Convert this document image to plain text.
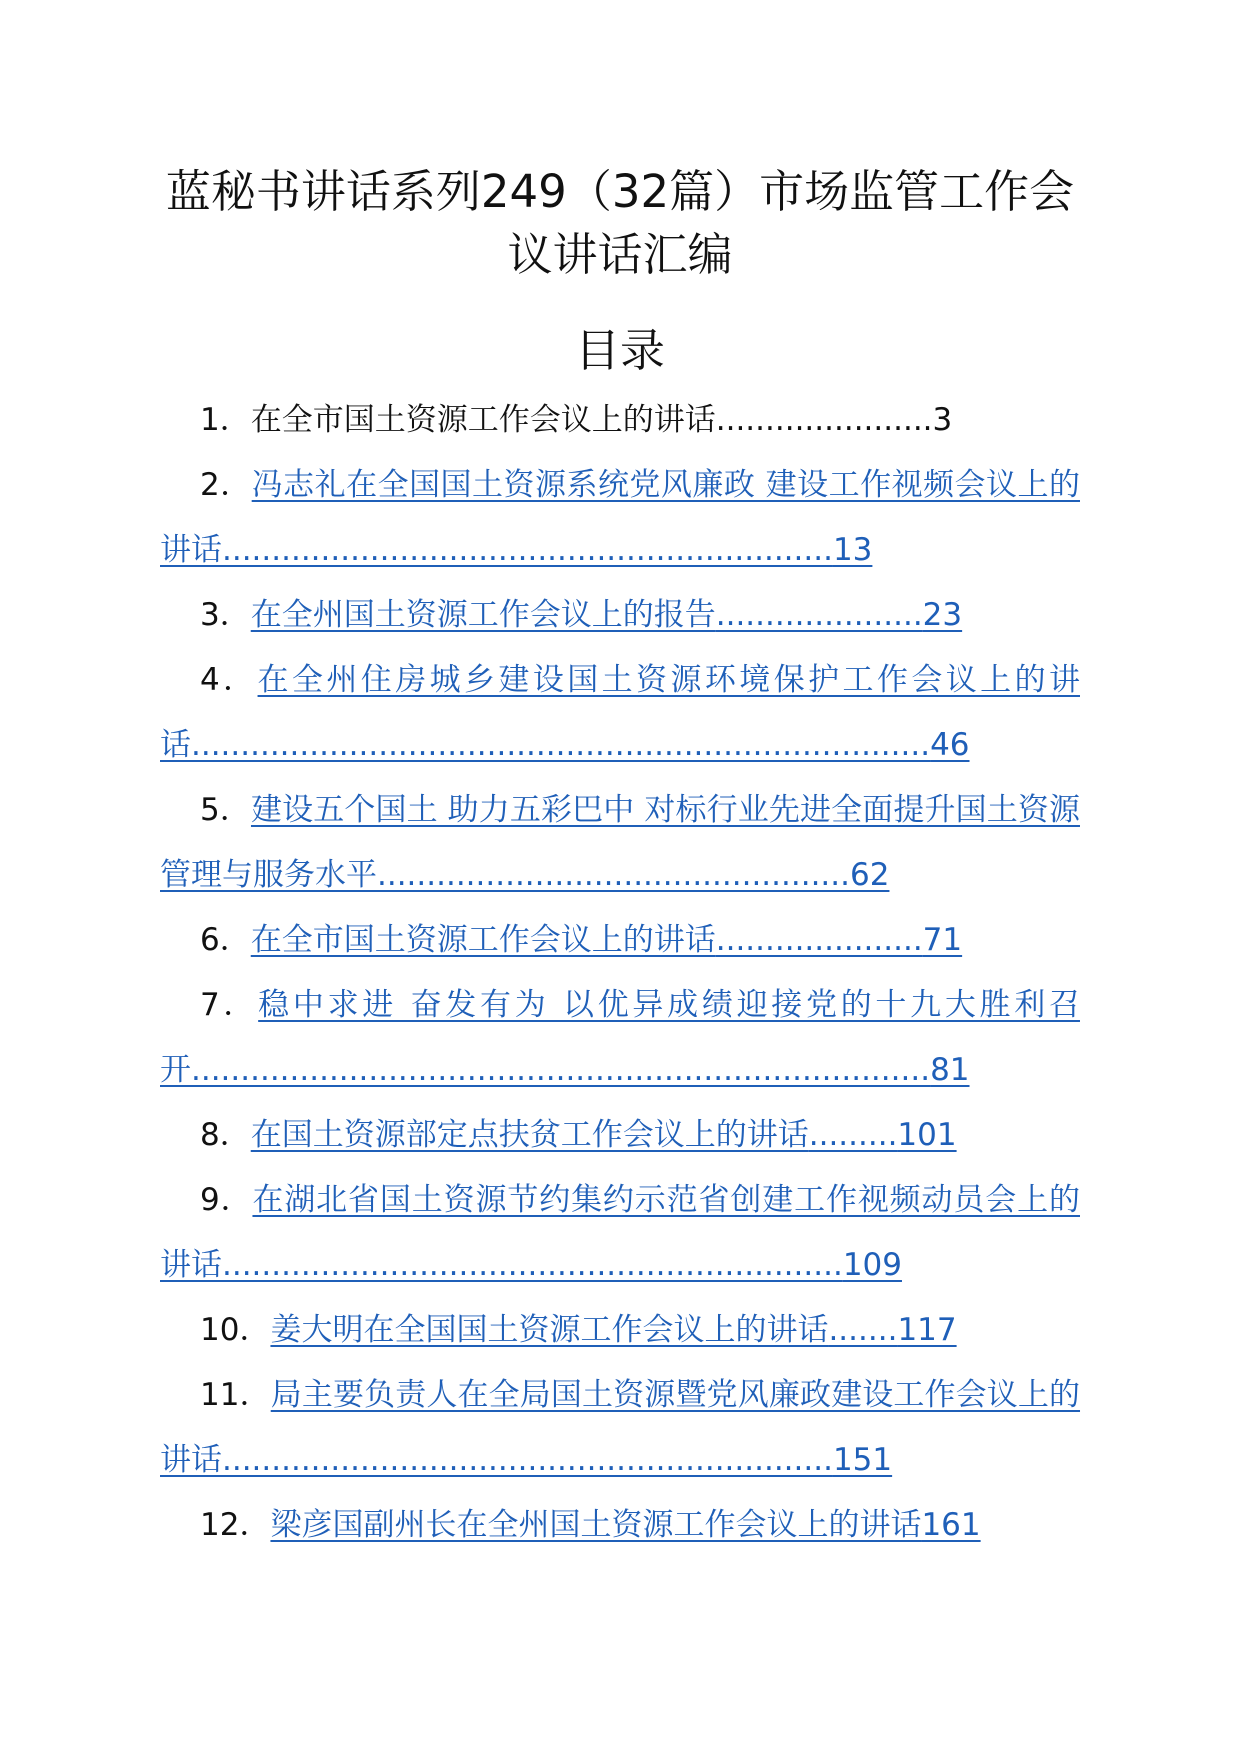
蓝秘书讲话系列249（32篇）市场监管工作会议讲话汇编
目录
1．在全市国土资源工作会议上的讲话......................3
2．冯志礼在全国国土资源系统党风廉政 建设工作视频会议上的讲话..............................................................13
3．在全州国土资源工作会议上的报告.....................23
4．在全州住房城乡建设国土资源环境保护工作会议上的讲话...........................................................................46
5．建设五个国土 助力五彩巴中 对标行业先进全面提升国土资源管理与服务水平................................................62
6．在全市国土资源工作会议上的讲话.....................71
7．稳中求进 奋发有为 以优异成绩迎接党的十九大胜利召开...........................................................................81
8．在国土资源部定点扶贫工作会议上的讲话.........101
9．在湖北省国土资源节约集约示范省创建工作视频动员会上的讲话...............................................................109
10．姜大明在全国国土资源工作会议上的讲话.......117
11．局主要负责人在全局国土资源暨党风廉政建设工作会议上的讲话..............................................................151
12．梁彦国副州长在全州国土资源工作会议上的讲话161
